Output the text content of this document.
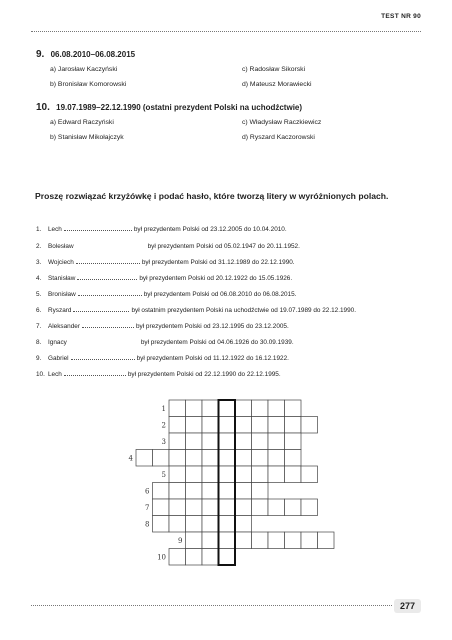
TEST NR 90
9. 06.08.2010–06.08.2015
a) Jarosław Kaczyński	c) Radosław Sikorski
b) Bronisław Komorowski	d) Mateusz Morawiecki
10. 19.07.1989–22.12.1990 (ostatni prezydent Polski na uchodźctwie)
a) Edward Raczyński	c) Władysław Raczkiewicz
b) Stanisław Mikołajczyk	d) Ryszard Kaczorowski
Proszę rozwiązać krzyżówkę i podać hasło, które tworzą litery w wyróżnionych polach.
1. Lech	był prezydentem Polski od 23.12.2005 do 10.04.2010.
2. Bolesław	był prezydentem Polski od 05.02.1947 do 20.11.1952.
3. Wojciech	był prezydentem Polski od 31.12.1989 do 22.12.1990.
4. Stanisław	był prezydentem Polski od 20.12.1922 do 15.05.1926.
5. Bronisław	był prezydentem Polski od 06.08.2010 do 06.08.2015.
6. Ryszard	był ostatnim prezydentem Polski na uchodźctwie od 19.07.1989 do 22.12.1990.
7. Aleksander	był prezydentem Polski od 23.12.1995 do 23.12.2005.
8. Ignacy	był prezydentem Polski od 04.06.1926 do 30.09.1939.
9. Gabriel	był prezydentem Polski od 11.12.1922 do 16.12.1922.
10. Lech	był prezydentem Polski od 22.12.1990 do 22.12.1995.
1
2
3
4
5
6
7
8
9
10
277
